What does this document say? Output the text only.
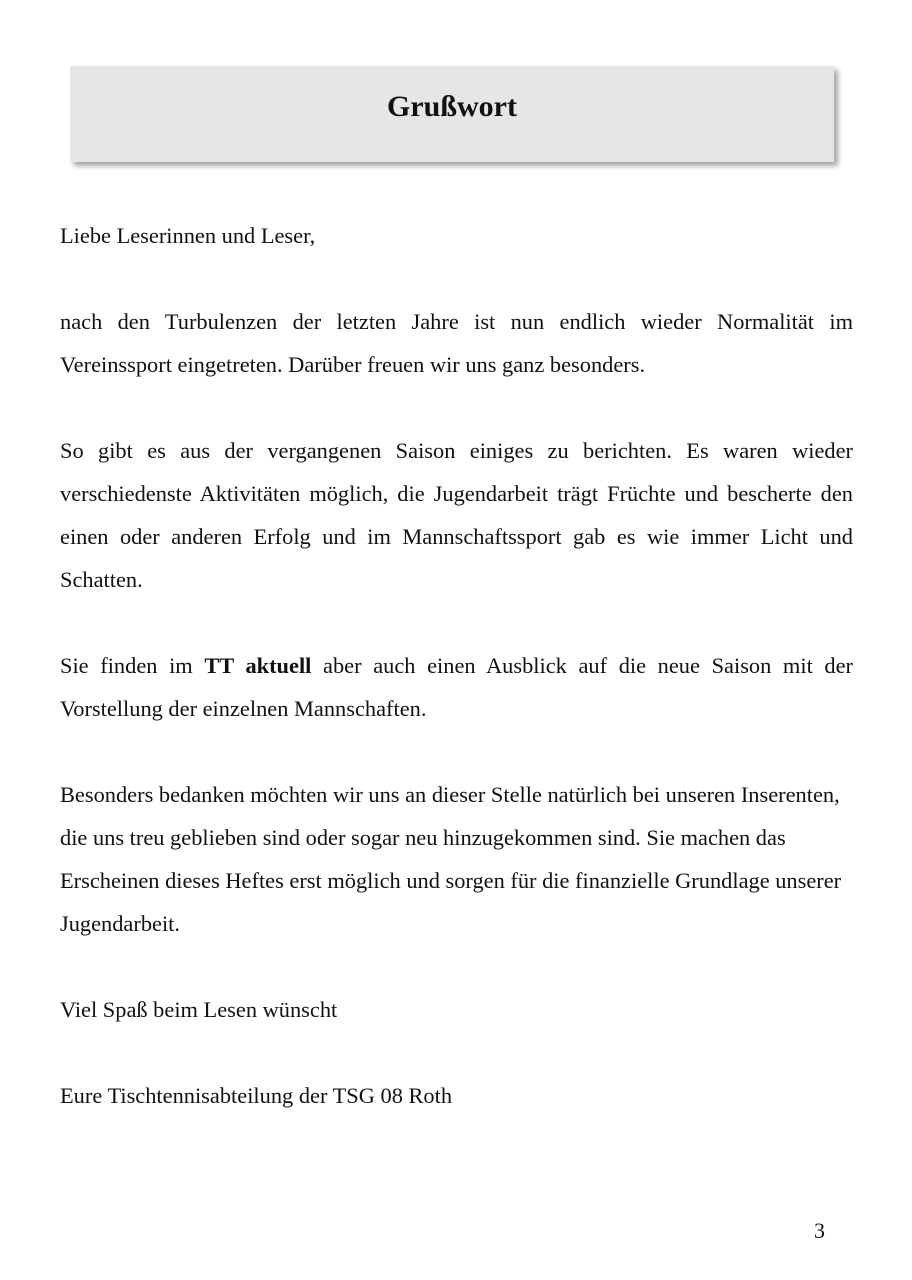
Grußwort

Liebe Leserinnen und Leser,

nach den Turbulenzen der letzten Jahre ist nun endlich wieder Normalität im Vereinssport eingetreten. Darüber freuen wir uns ganz besonders.

So gibt es aus der vergangenen Saison einiges zu berichten. Es waren wieder verschiedenste Aktivitäten möglich, die Jugendarbeit trägt Früchte und bescherte den einen oder anderen Erfolg und im Mannschaftssport gab es wie immer Licht und Schatten.

Sie finden im TT aktuell aber auch einen Ausblick auf die neue Saison mit der Vorstellung der einzelnen Mannschaften.

Besonders bedanken möchten wir uns an dieser Stelle natürlich bei unseren Inserenten, die uns treu geblieben sind oder sogar neu hinzugekommen sind. Sie machen das Erscheinen dieses Heftes erst möglich und sorgen für die finanzielle Grundlage unserer Jugendarbeit.

Viel Spaß beim Lesen wünscht

Eure Tischtennisabteilung der TSG 08 Roth

3
